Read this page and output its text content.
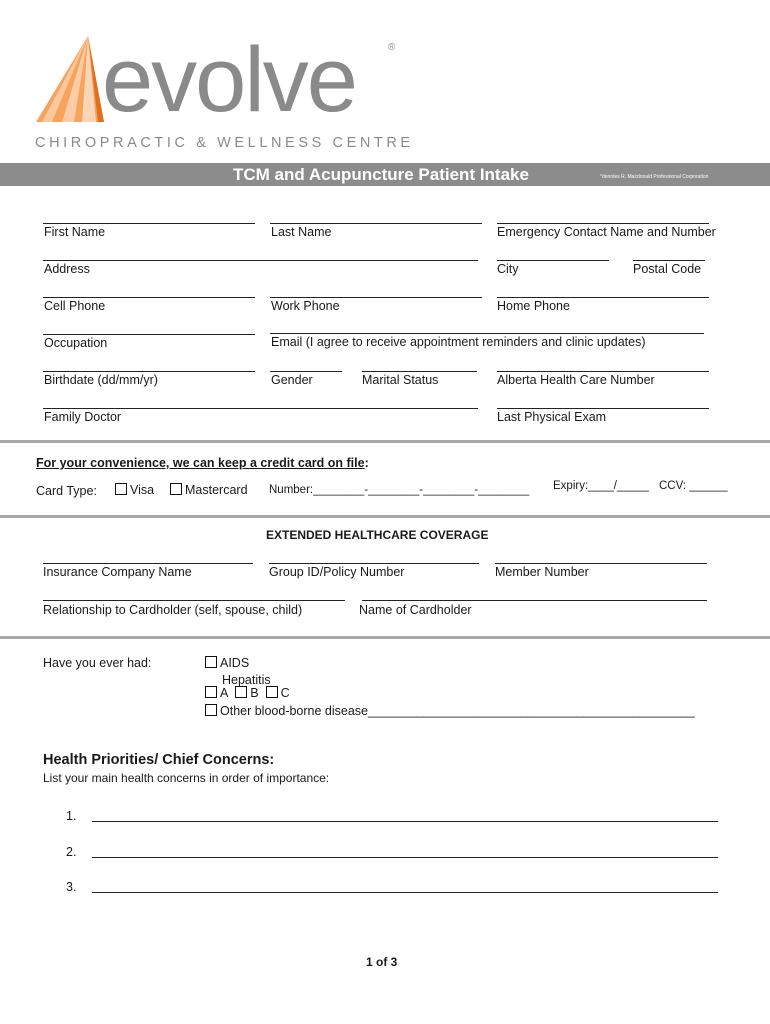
evolve	®
CHIROPRACTIC & WELLNESS CENTRE
TCM and Acupuncture Patient Intake	*denotes R. Macdonald Professional Corporation
First Name	Last Name	Emergency Contact Name and Number
Address	City	Postal Code
Cell Phone	Work Phone	Home Phone
Occupation	Email (I agree to receive appointment reminders and clinic updates)
Birthdate (dd/mm/yr)	Gender	Marital Status	Alberta Health Care Number
Family Doctor	Last Physical Exam
For your convenience, we can keep a credit card on file:
Card Type:	Visa	Mastercard Number:________-________-________-________ Expiry:____/_____ CCV: ______
EXTENDED HEALTHCARE COVERAGE
Insurance Company Name	Group ID/Policy Number	Member Number
Relationship to Cardholder (self, spouse, child)	Name of Cardholder
Have you ever had:	AIDS
Hepatitis
A B C
Other blood-borne disease_______________________________________________
Health Priorities/ Chief Concerns:
List your main health concerns in order of importance:
1.
2.
3.
1 of 3
